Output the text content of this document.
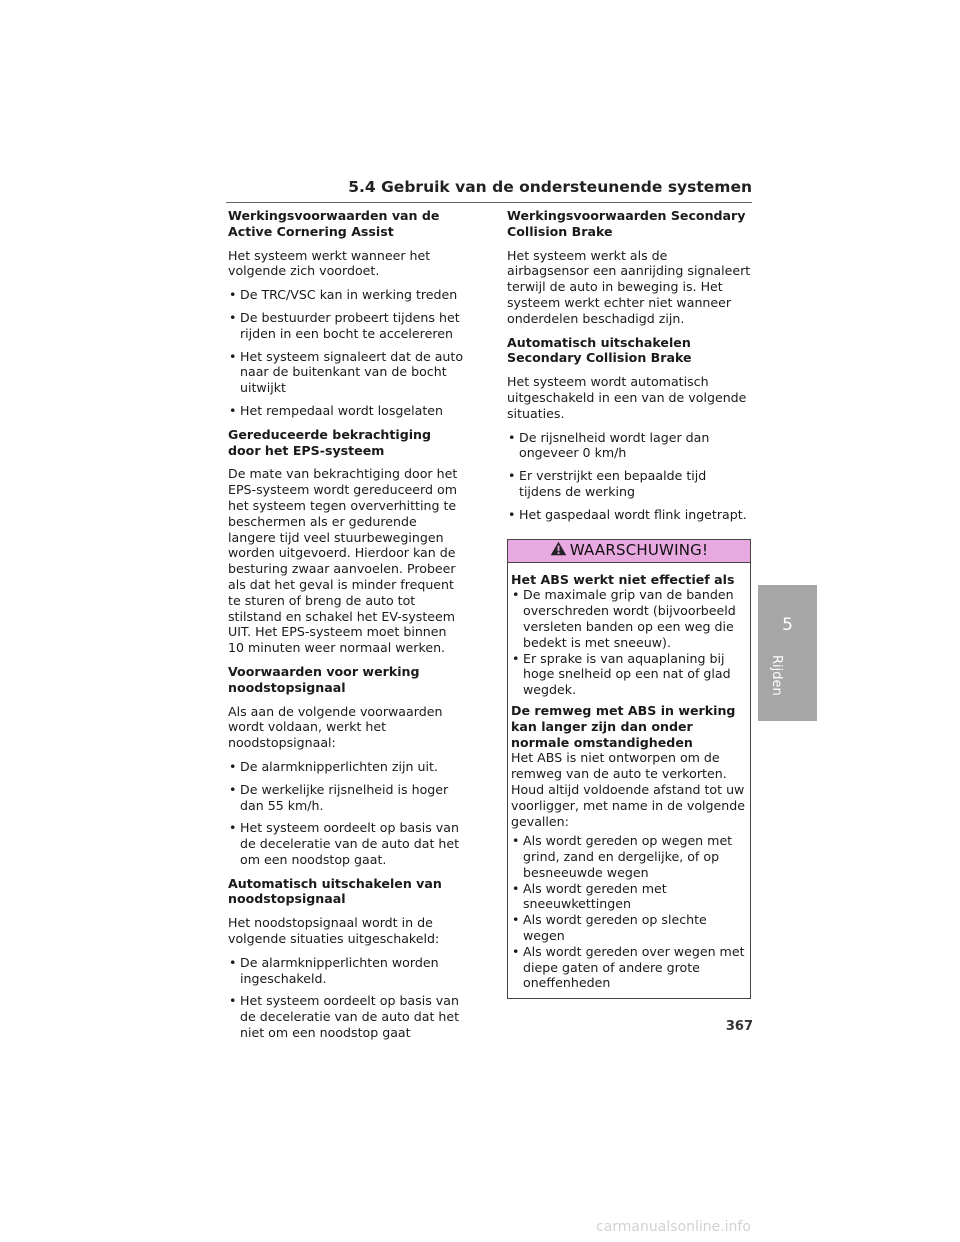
5.4 Gebruik van de ondersteunende systemen
Werkingsvoorwaarden van de Active Cornering Assist

Het systeem werkt wanneer het volgende zich voordoet.

• De TRC/VSC kan in werking treden
• De bestuurder probeert tijdens het rijden in een bocht te accelereren
• Het systeem signaleert dat de auto naar de buitenkant van de bocht uitwijkt
• Het rempedaal wordt losgelaten
Gereduceerde bekrachtiging door het EPS-systeem

De mate van bekrachtiging door het EPS-systeem wordt gereduceerd om het systeem tegen oververhitting te beschermen als er gedurende langere tijd veel stuurbewegingen worden uitgevoerd. Hierdoor kan de besturing zwaar aanvoelen. Probeer als dat het geval is minder frequent te sturen of breng de auto tot stilstand en schakel het EV-systeem UIT. Het EPS-systeem moet binnen 10 minuten weer normaal werken.

Voorwaarden voor werking noodstopsignaal

Als aan de volgende voorwaarden wordt voldaan, werkt het noodstopsignaal:

• De alarmknipperlichten zijn uit.
• De werkelijke rijsnelheid is hoger dan 55 km/h.
• Het systeem oordeelt op basis van de deceleratie van de auto dat het om een noodstop gaat.
Automatisch uitschakelen van noodstopsignaal

Het noodstopsignaal wordt in de volgende situaties uitgeschakeld:

• De alarmknipperlichten worden ingeschakeld.
• Het systeem oordeelt op basis van de deceleratie van de auto dat het niet om een noodstop gaat
Werkingsvoorwaarden Secondary Collision Brake

Het systeem werkt als de airbagsensor een aanrijding signaleert terwijl de auto in beweging is. Het systeem werkt echter niet wanneer onderdelen beschadigd zijn.

Automatisch uitschakelen Secondary Collision Brake

Het systeem wordt automatisch uitgeschakeld in een van de volgende situaties.

• De rijsnelheid wordt lager dan ongeveer 0 km/h
• Er verstrijkt een bepaalde tijd tijdens de werking
• Het gaspedaal wordt flink ingetrapt.
WAARSCHUWING!
Het ABS werkt niet effectief als
• De maximale grip van de banden overschreden wordt (bijvoorbeeld versleten banden op een weg die bedekt is met sneeuw).
• Er sprake is van aquaplaning bij hoge snelheid op een nat of glad wegdek.
De remweg met ABS in werking kan langer zijn dan onder normale omstandigheden

Het ABS is niet ontworpen om de remweg van de auto te verkorten. Houd altijd voldoende afstand tot uw voorligger, met name in de volgende gevallen:

• Als wordt gereden op wegen met grind, zand en dergelijke, of op besneeuwde wegen
• Als wordt gereden met sneeuwkettingen
• Als wordt gereden op slechte wegen
• Als wordt gereden over wegen met diepe gaten of andere grote oneffenheden
5
Rijden
367
carmanualsonline.info
